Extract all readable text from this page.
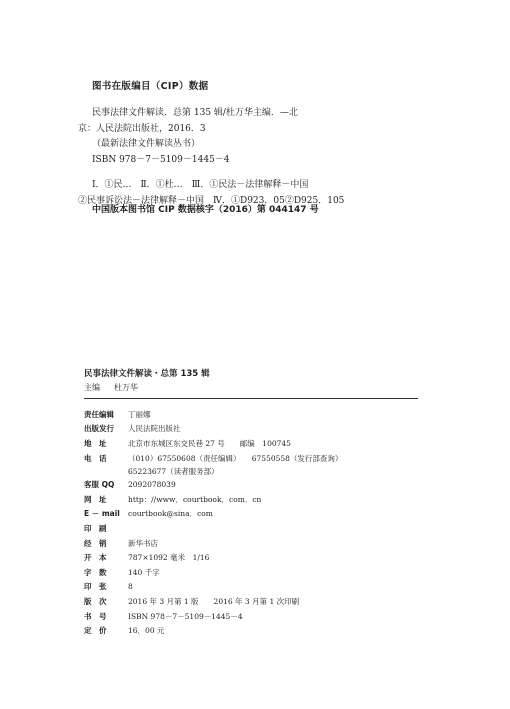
图书在版编目（CIP）数据
民事法律文件解读．总第 135 辑/杜万华主编．—北
京：人民法院出版社，2016．3
（最新法律文件解读丛书）
ISBN 978－7－5109－1445－4
Ⅰ．①民…　Ⅱ．①杜…　Ⅲ．①民法－法律解释－中国
②民事诉讼法－法律解释－中国　Ⅳ．①D923．05②D925．105
中国版本图书馆 CIP 数据核字（2016）第 044147 号
民事法律文件解读・总第 135 辑
主编 杜万华
责任编辑	丁丽娜
出版发行	人民法院出版社
地　址	北京市东城区东交民巷 27 号　　邮编　100745
电　话	（010）67550608（责任编辑）　　67550558（发行部查询）
65223677（读者服务部）
客服 QQ	2092078039
网　址	http：//www．courtbook．com．cn
E － mail	courtbook@sina．com
印　刷
经　销	新华书店
开　本	787×1092 毫米　1/16
字　数	140 千字
印　张	8
版　次	2016 年 3 月第 1 版　　2016 年 3 月第 1 次印刷
书　号	ISBN 978－7－5109－1445－4
定　价	16．00 元
